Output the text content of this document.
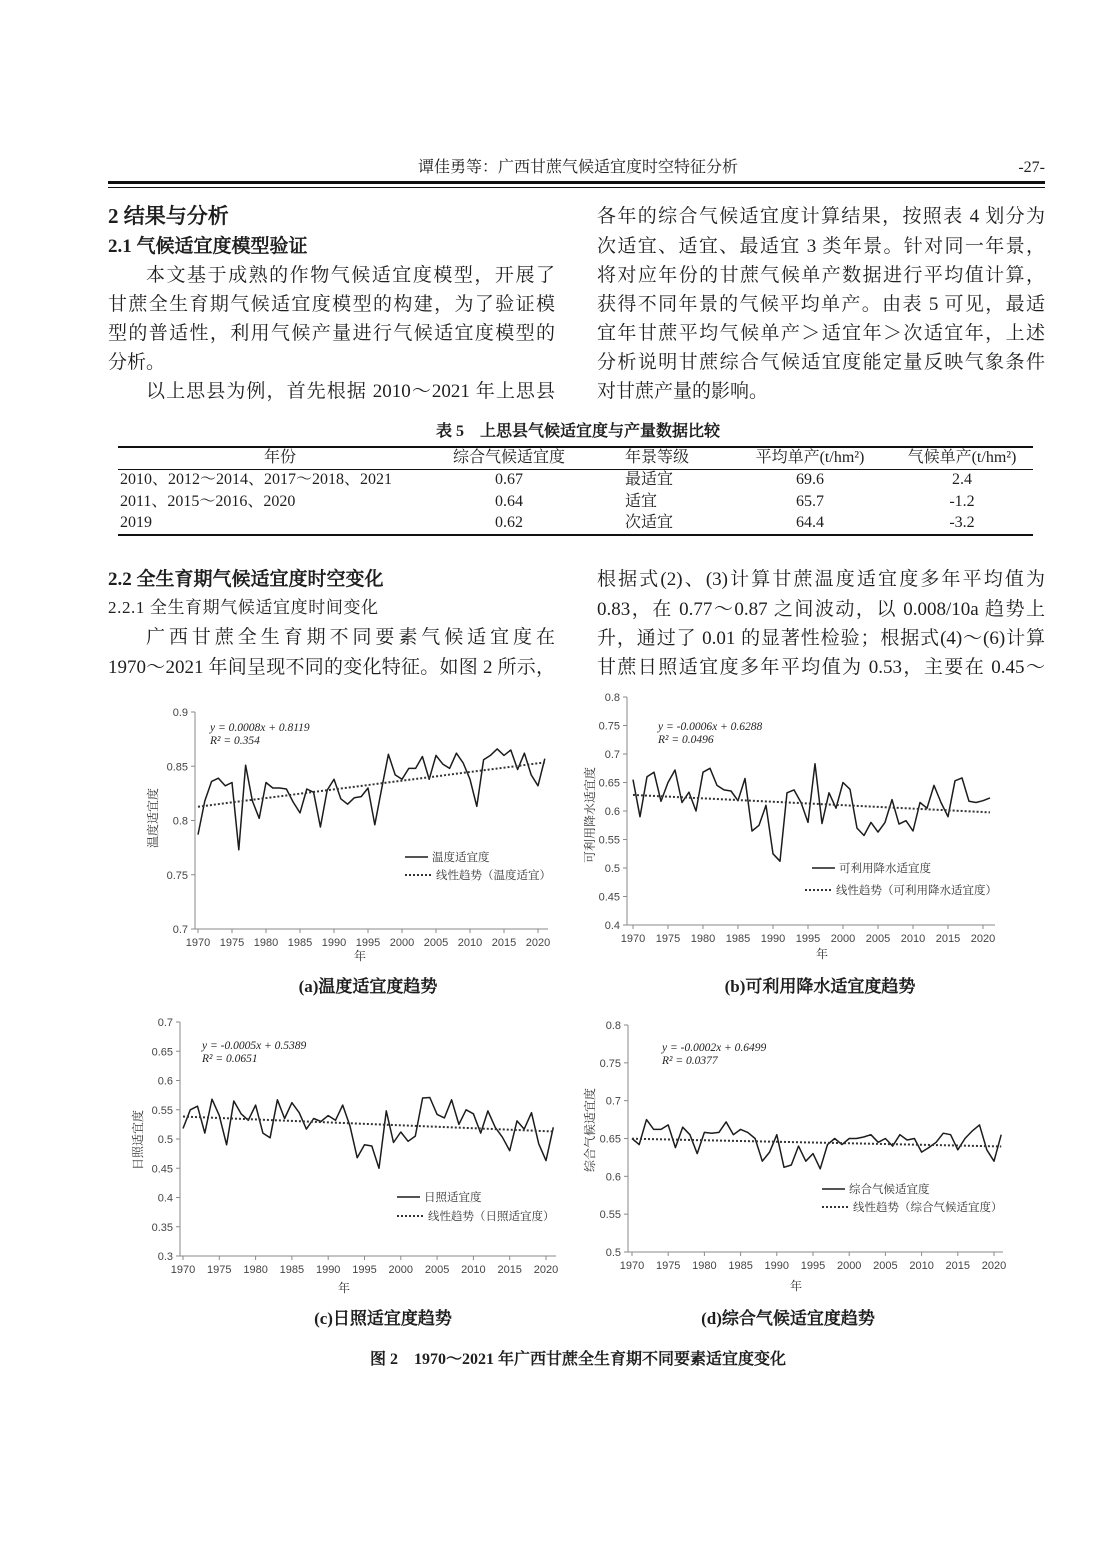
谭佳勇等：广西甘蔗气候适宜度时空特征分析	-27-
2 结果与分析
2.1 气候适宜度模型验证
本文基于成熟的作物气候适宜度模型，开展了
甘蔗全生育期气候适宜度模型的构建，为了验证模
型的普适性，利用气候产量进行气候适宜度模型的
分析。
以上思县为例，首先根据 2010～2021 年上思县
各年的综合气候适宜度计算结果，按照表 4 划分为
次适宜、适宜、最适宜 3 类年景。针对同一年景，
将对应年份的甘蔗气候单产数据进行平均值计算，
获得不同年景的气候平均单产。由表 5 可见，最适
宜年甘蔗平均气候单产＞适宜年＞次适宜年，上述
分析说明甘蔗综合气候适宜度能定量反映气象条件
对甘蔗产量的影响。
表 5　上思县气候适宜度与产量数据比较
年份	综合气候适宜度	年景等级	平均单产(t/hm²)	气候单产(t/hm²)
2010、2012～2014、2017～2018、2021	0.67	最适宜	69.6	2.4
2011、2015～2016、2020	0.64	适宜	65.7	-1.2
2019	0.62	次适宜	64.4	-3.2
2.2 全生育期气候适宜度时空变化
2.2.1 全生育期气候适宜度时间变化
广西甘蔗全生育期不同要素气候适宜度在
1970～2021 年间呈现不同的变化特征。如图 2 所示，
根据式(2)、(3)计算甘蔗温度适宜度多年平均值为
0.83，在 0.77～0.87 之间波动，以 0.008/10a 趋势上
升，通过了 0.01 的显著性检验；根据式(4)～(6)计算
甘蔗日照适宜度多年平均值为 0.53，主要在 0.45～
0.7
0.75
0.8
0.85
0.9
1970 1975 1980 1985 1990 1995 2000 2005 2010 2015 2020
温度适宜度
年
y = 0.0008x + 0.8119
R² = 0.354
温度适宜度
线性趋势（温度适宜）
0.4
0.45
0.5
0.55
0.6
0.65
0.7
0.75
0.8
1970 1975 1980 1985 1990 1995 2000 2005 2010 2015 2020
可利用降水适宜度
年
y = -0.0006x + 0.6288
R² = 0.0496
可利用降水适宜度
线性趋势（可利用降水适宜度）
0.3
0.35
0.4
0.45
0.5
0.55
0.6
0.65
0.7
1970 1975 1980 1985 1990 1995 2000 2005 2010 2015 2020
日照适宜度
年
y = -0.0005x + 0.5389
R² = 0.0651
日照适宜度
线性趋势（日照适宜度）
0.5
0.55
0.6
0.65
0.7
0.75
0.8
1970 1975 1980 1985 1990 1995 2000 2005 2010 2015 2020
综合气候适宜度
年
y = -0.0002x + 0.6499
R² = 0.0377
综合气候适宜度
线性趋势（综合气候适宜度）
(a)温度适宜度趋势	(b)可利用降水适宜度趋势
(c)日照适宜度趋势	(d)综合气候适宜度趋势
图 2　1970～2021 年广西甘蔗全生育期不同要素适宜度变化
